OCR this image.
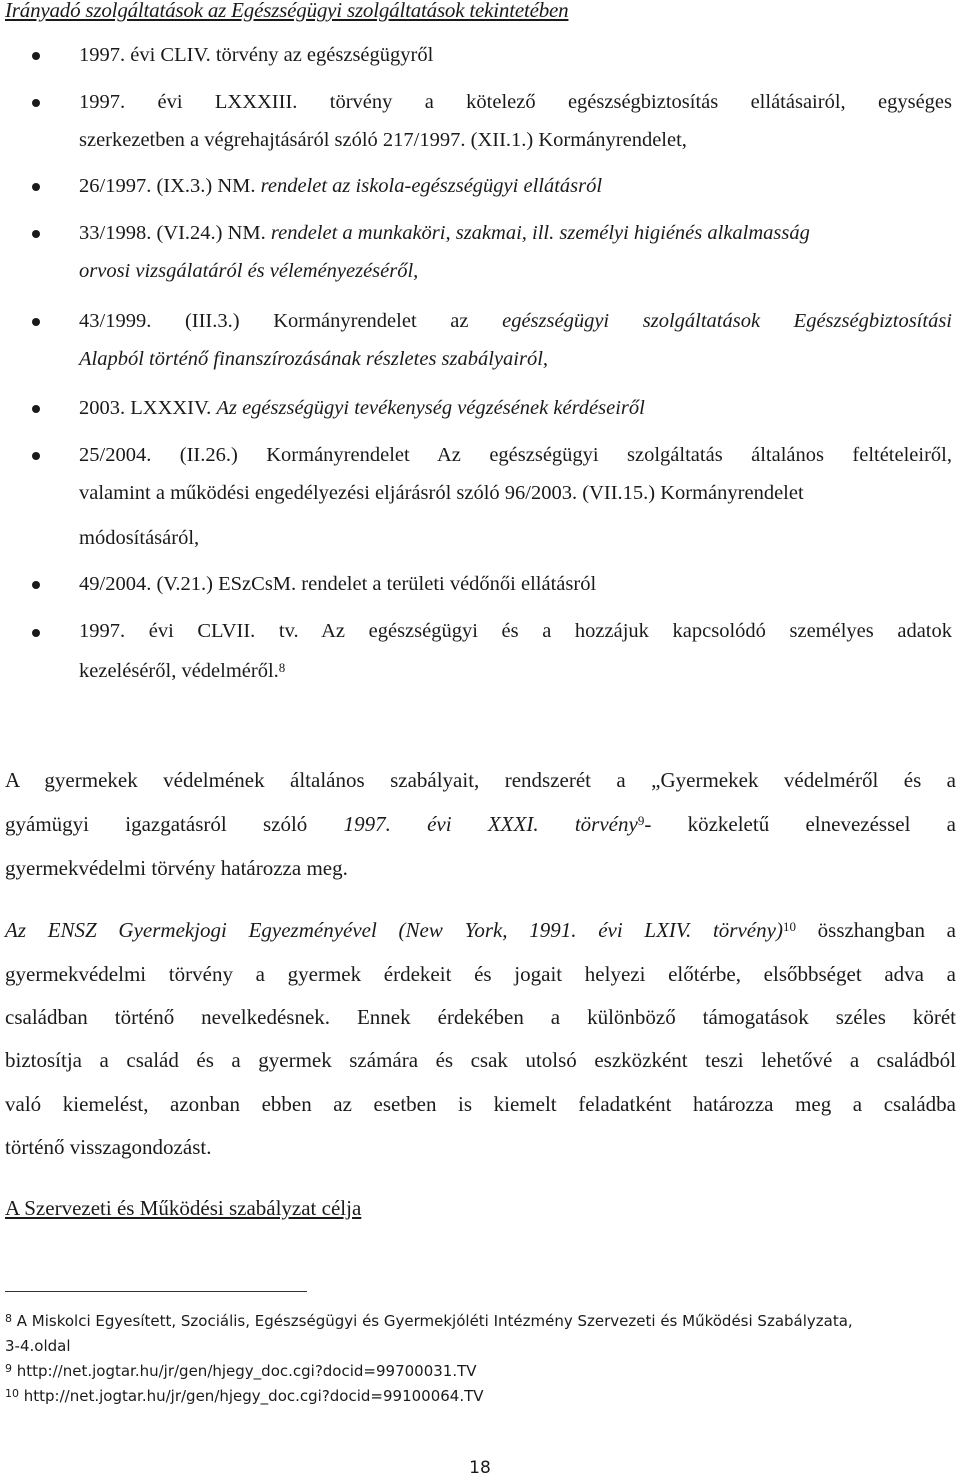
Irányadó szolgáltatások az Egészségügyi szolgáltatások tekintetében
1997. évi CLIV. törvény az egészségügyről
1997. évi LXXXIII. törvény a kötelező egészségbiztosítás ellátásairól, egységes
szerkezetben a végrehajtásáról szóló 217/1997. (XII.1.) Kormányrendelet,
26/1997. (IX.3.) NM. rendelet az iskola-egészségügyi ellátásról
33/1998. (VI.24.) NM. rendelet a munkaköri, szakmai, ill. személyi higiénés alkalmasság
orvosi vizsgálatáról és véleményezéséről,
43/1999. (III.3.) Kormányrendelet az egészségügyi szolgáltatások Egészségbiztosítási
Alapból történő finanszírozásának részletes szabályairól,
2003. LXXXIV. Az egészségügyi tevékenység végzésének kérdéseiről
25/2004. (II.26.) Kormányrendelet Az egészségügyi szolgáltatás általános feltételeiről,
valamint a működési engedélyezési eljárásról szóló 96/2003. (VII.15.) Kormányrendelet
módosításáról,
49/2004. (V.21.) ESzCsM. rendelet a területi védőnői ellátásról
1997. évi CLVII. tv. Az egészségügyi és a hozzájuk kapcsolódó személyes adatok
kezeléséről, védelméről.$^8$
A gyermekek védelmének általános szabályait, rendszerét a „Gyermekek védelméről és a
gyámügyi igazgatásról szóló 1997. évi XXXI. törvény$^9$- közkeletű elnevezéssel a
gyermekvédelmi törvény határozza meg.
Az ENSZ Gyermekjogi Egyezményével (New York, 1991. évi LXIV. törvény)$^{10}$ összhangban a
gyermekvédelmi törvény a gyermek érdekeit és jogait helyezi előtérbe, elsőbbséget adva a
családban történő nevelkedésnek. Ennek érdekében a különböző támogatások széles körét
biztosítja a család és a gyermek számára és csak utolsó eszközként teszi lehetővé a családból
való kiemelést, azonban ebben az esetben is kiemelt feladatként határozza meg a családba
történő visszagondozást.
A Szervezeti és Működési szabályzat célja
$^8$ A Miskolci Egyesített, Szociális, Egészségügyi és Gyermekjóléti Intézmény Szervezeti és Működési Szabályzata,
3-4.oldal
$^9$ http://net.jogtar.hu/jr/gen/hjegy_doc.cgi?docid=99700031.TV
$^{10}$ http://net.jogtar.hu/jr/gen/hjegy_doc.cgi?docid=99100064.TV
18
